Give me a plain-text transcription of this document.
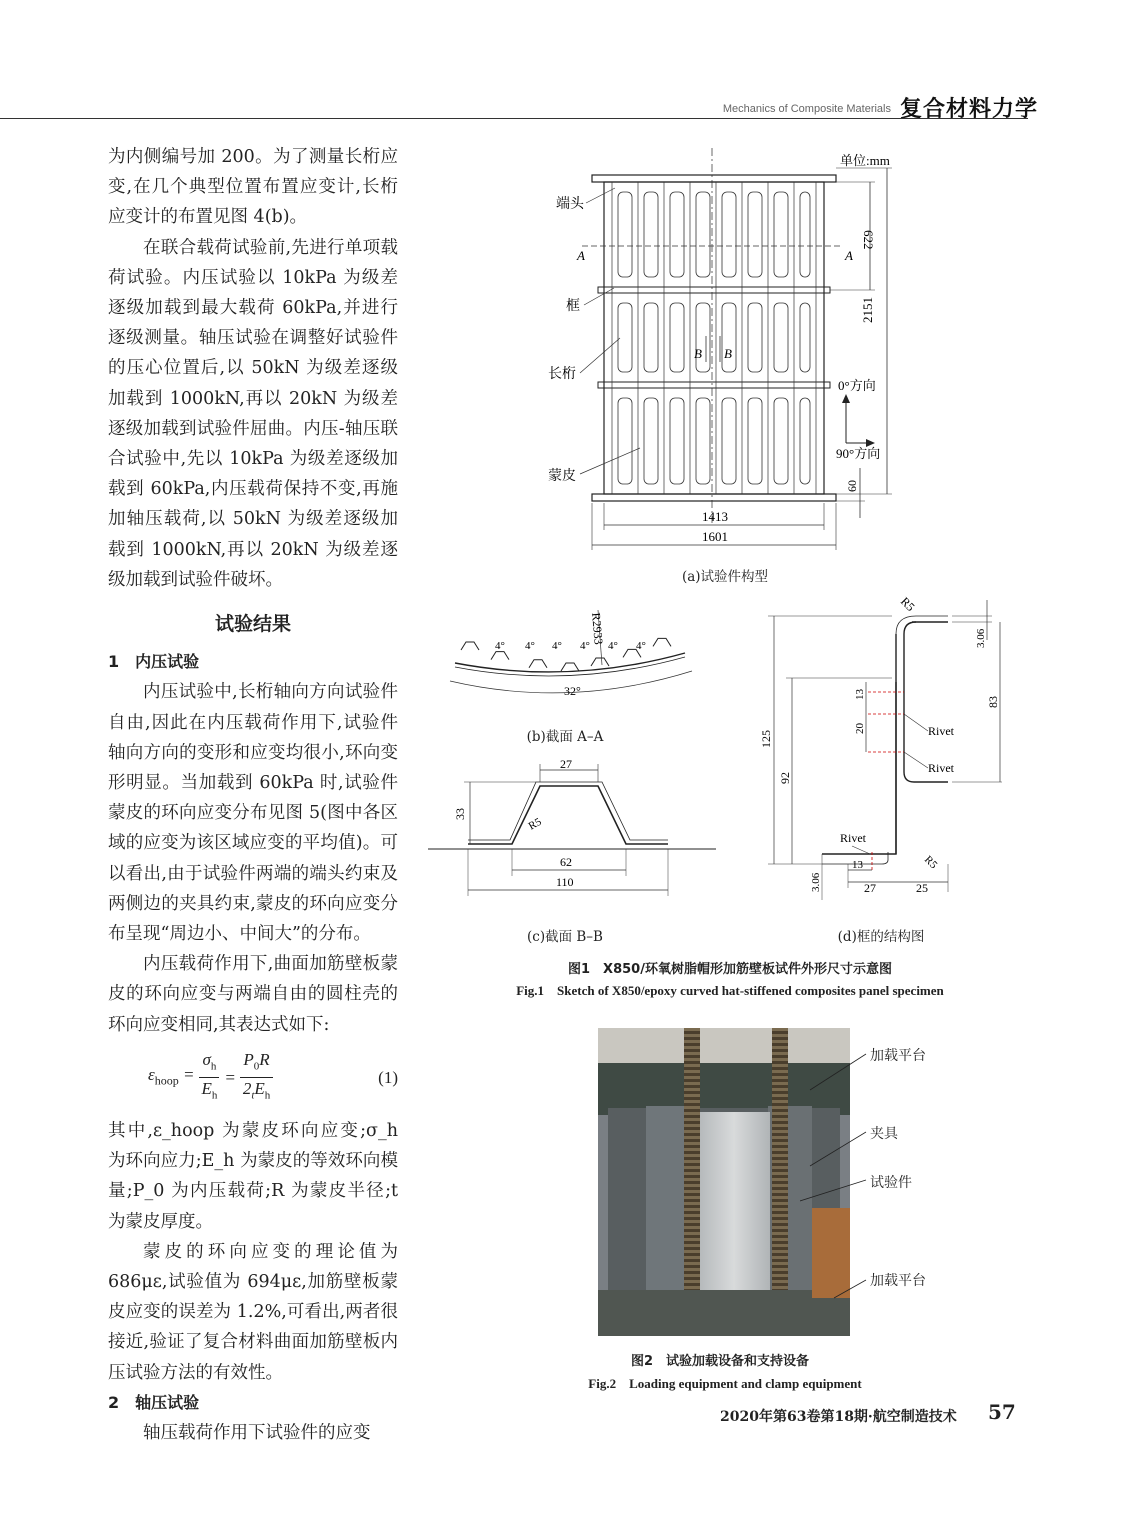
Mechanics of Composite Materials 复合材料力学

为内侧编号加 200。为了测量长桁应变,在几个典型位置布置应变计,长桁应变计的布置见图 4(b)。

在联合载荷试验前,先进行单项载荷试验。内压试验以 10kPa 为级差逐级加载到最大载荷 60kPa,并进行逐级测量。轴压试验在调整好试验件的压心位置后,以 50kN 为级差逐级加载到 1000kN,再以 20kN 为级差逐级加载到试验件屈曲。内压-轴压联合试验中,先以 10kPa 为级差逐级加载到 60kPa,内压载荷保持不变,再施加轴压载荷,以 50kN 为级差逐级加载到 1000kN,再以 20kN 为级差逐级加载到试验件破坏。

试验结果

1　内压试验

内压试验中,长桁轴向方向试验件自由,因此在内压载荷作用下,试验件轴向方向的变形和应变均很小,环向变形明显。当加载到 60kPa 时,试验件蒙皮的环向应变分布见图 5(图中各区域的应变为该区域应变的平均值)。可以看出,由于试验件两端的端头约束及两侧边的夹具约束,蒙皮的环向应变分布呈现“周边小、中间大”的分布。

内压载荷作用下,曲面加筋壁板蒙皮的环向应变与两端自由的圆柱壳的环向应变相同,其表达式如下:

$\varepsilon_{hoop} = \frac{\sigma_h}{E_h} = \frac{P_0R}{2_tE_h}$	(1)

其中,ε_hoop 为蒙皮环向应变;σ_h 为环向应力;E_h 为蒙皮的等效环向模量;P_0 为内压载荷;R 为蒙皮半径;t 为蒙皮厚度。

蒙皮的环向应变的理论值为 686με,试验值为 694με,加筋壁板蒙皮应变的误差为 1.2%,可看出,两者很接近,验证了复合材料曲面加筋壁板内压试验方法的有效性。

2　轴压试验

轴压载荷作用下试验件的应变

单位:mm
A	A
B B
端头
框
长桁
蒙皮
622
2151
60
0°方向
90°方向
1413
1601
(a)试验件构型
32°
R2933
4° 4° 4° 4° 4° 4°
(b)截面 A–A
27
33
R5
62
110
(c)截面 B–B
R5
3.06
83
13
20	Rivet
Rivet
125
92
Rivet
R5
3.06
13
27	25
(d)框的结构图
图1　X850/环氧树脂帽形加筋壁板试件外形尺寸示意图
Fig.1　Sketch of X850/epoxy curved hat-stiffened composites panel specimen
加载平台
夹具
试验件
加载平台
图2　试验加载设备和支持设备
Fig.2　Loading equipment and clamp equipment
2020年第63卷第18期·航空制造技术 57
